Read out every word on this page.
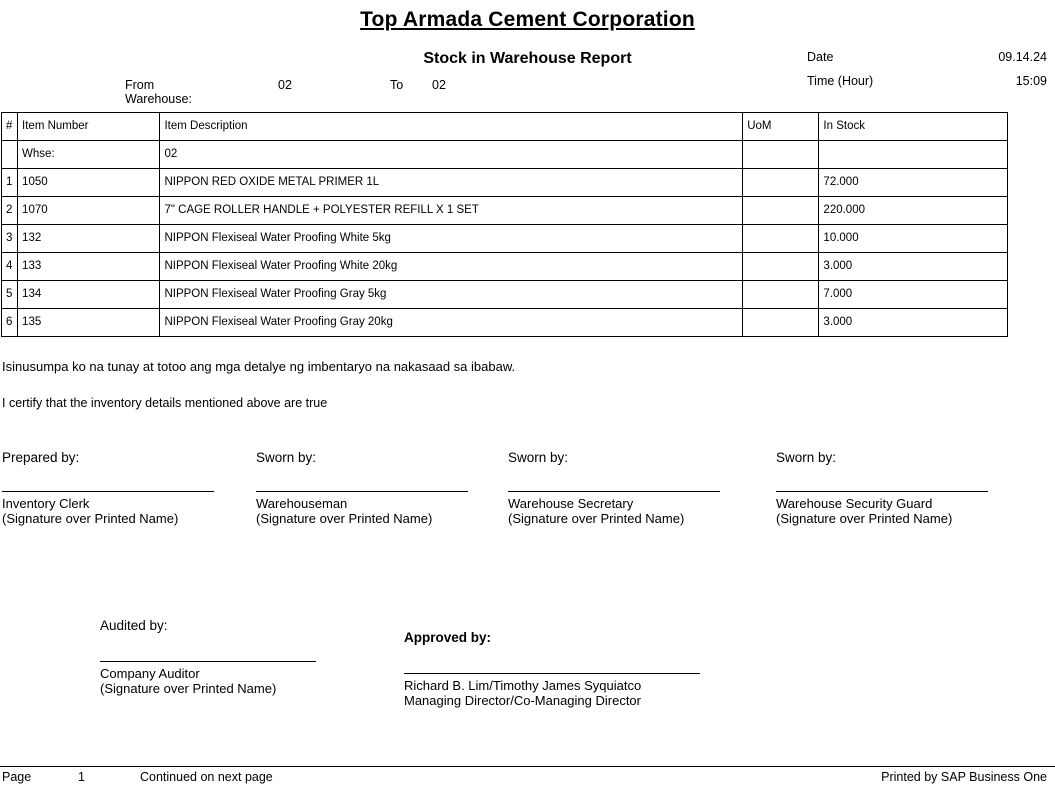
Top Armada Cement Corporation
Stock in Warehouse Report
From Warehouse:
02	To 02
Date	09.14.24
Time (Hour)	15:09
#	Item Number	Item Description	UoM	In Stock
	Whse:	02		
1	1050	NIPPON RED OXIDE METAL PRIMER 1L		72.000
2	1070	7" CAGE ROLLER HANDLE + POLYESTER REFILL X 1 SET		220.000
3	132	NIPPON Flexiseal Water Proofing White 5kg		10.000
4	133	NIPPON Flexiseal Water Proofing White 20kg		3.000
5	134	NIPPON Flexiseal Water Proofing Gray 5kg		7.000
6	135	NIPPON Flexiseal Water Proofing Gray 20kg		3.000
Isinusumpa ko na tunay at totoo ang mga detalye ng imbentaryo na nakasaad sa ibabaw.
I certify that the inventory details mentioned above are true
Prepared by:
Inventory Clerk
(Signature over Printed Name)
Sworn by:
Warehouseman
(Signature over Printed Name)
Sworn by:
Warehouse Secretary
(Signature over Printed Name)
Sworn by:
Warehouse Security Guard
(Signature over Printed Name)
Audited by:
Company Auditor
(Signature over Printed Name)
Approved by:
Richard B. Lim/Timothy James Syquiatco
Managing Director/Co-Managing Director
Page	1	Continued on next page	Printed by SAP Business One
